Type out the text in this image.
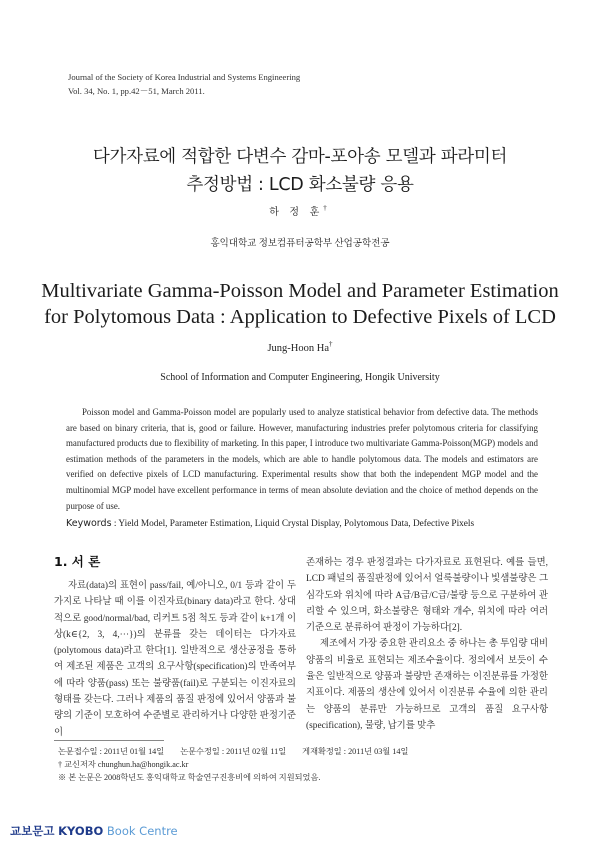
Journal of the Society of Korea Industrial and Systems Engineering
Vol. 34, No. 1, pp.42－51, March 2011.
다가자료에 적합한 다변수 감마-포아송 모델과 파라미터
추정방법 : LCD 화소불량 응용
하 정 훈†
홍익대학교 정보컴퓨터공학부 산업공학전공
Multivariate Gamma-Poisson Model and Parameter Estimation
for Polytomous Data : Application to Defective Pixels of LCD
Jung-Hoon Ha†
School of Information and Computer Engineering, Hongik University
Poisson model and Gamma-Poisson model are popularly used to analyze statistical behavior from defective data. The methods are based on binary criteria, that is, good or failure. However, manufacturing industries prefer polytomous criteria for classifying manufactured products due to flexibility of marketing. In this paper, I introduce two multivariate Gamma-Poisson(MGP) models and estimation methods of the parameters in the models, which are able to handle polytomous data. The models and estimators are verified on defective pixels of LCD manufacturing. Experimental results show that both the independent MGP model and the multinomial MGP model have excellent performance in terms of mean absolute deviation and the choice of method depends on the purpose of use.
Keywords : Yield Model, Parameter Estimation, Liquid Crystal Display, Polytomous Data, Defective Pixels
1. 서 론

자료(data)의 표현이 pass/fail, 예/아니오, 0/1 등과 같이 두 가지로 나타날 때 이를 이진자료(binary data)라고 한다. 상대적으로 good/normal/bad, 리커트 5점 척도 등과 같이 k+1개 이상(k∈{2, 3, 4,⋯})의 분류를 갖는 데이터는 다가자료(polytomous data)라고 한다[1]. 일반적으로 생산공정을 통하여 제조된 제품은 고객의 요구사항(specification)의 만족여부에 따라 양품(pass) 또는 불량품(fail)로 구분되는 이진자료의 형태를 갖는다. 그러나 제품의 품질 판정에 있어서 양품과 불량의 기준이 모호하여 수준별로 관리하거나 다양한 판정기준이

존재하는 경우 판정결과는 다가자료로 표현된다. 예를 들면, LCD 패널의 품질판정에 있어서 얼룩불량이나 빛샘불량은 그 심각도와 위치에 따라 A급/B급/C급/불량 등으로 구분하여 관리할 수 있으며, 화소불량은 형태와 개수, 위치에 따라 여러 기준으로 분류하여 판정이 가능하다[2].

제조에서 가장 중요한 관리요소 중 하나는 총 투입량 대비 양품의 비율로 표현되는 제조수율이다. 정의에서 보듯이 수율은 일반적으로 양품과 불량만 존재하는 이진분류를 가정한 지표이다. 제품의 생산에 있어서 이진분류 수율에 의한 관리는 양품의 분류만 가능하므로 고객의 품질 요구사항(specification), 물량, 납기를 맞추

논문접수일 : 2011년 01월 14일 논문수정일 : 2011년 02월 11일 게재확정일 : 2011년 03월 14일
† 교신저자 chunghun.ha@hongik.ac.kr
※ 본 논문은 2008학년도 홍익대학교 학술연구진흥비에 의하여 지원되었음.
교보문고 KYOBO Book Centre
